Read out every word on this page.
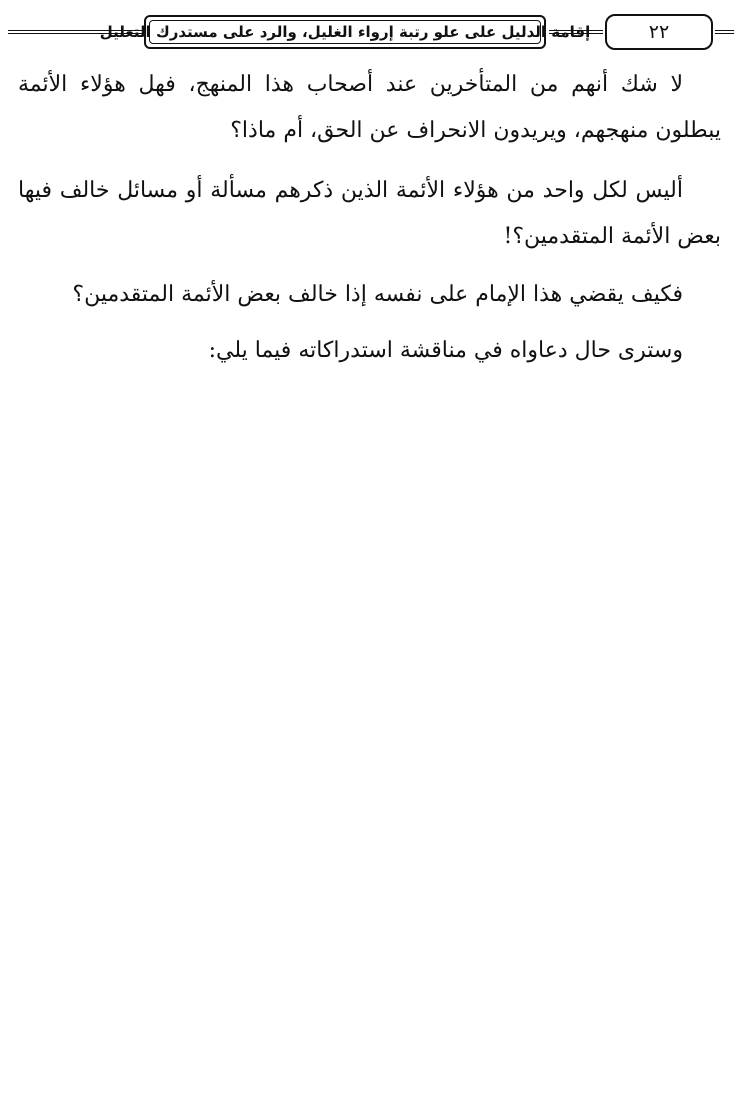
إقامة الدليل على علو رتبة إرواء الغليل، والرد على مستدرك التعليل	٢٢

لا شك أنهم من المتأخرين عند أصحاب هذا المنهج، فهل هؤلاء الأئمة يبطلون منهجهم، ويريدون الانحراف عن الحق، أم ماذا؟

أليس لكل واحد من هؤلاء الأئمة الذين ذكرهم مسألة أو مسائل خالف فيها بعض الأئمة المتقدمين؟!

فكيف يقضي هذا الإمام على نفسه إذا خالف بعض الأئمة المتقدمين؟

وسترى حال دعاواه في مناقشة استدراكاته فيما يلي:
